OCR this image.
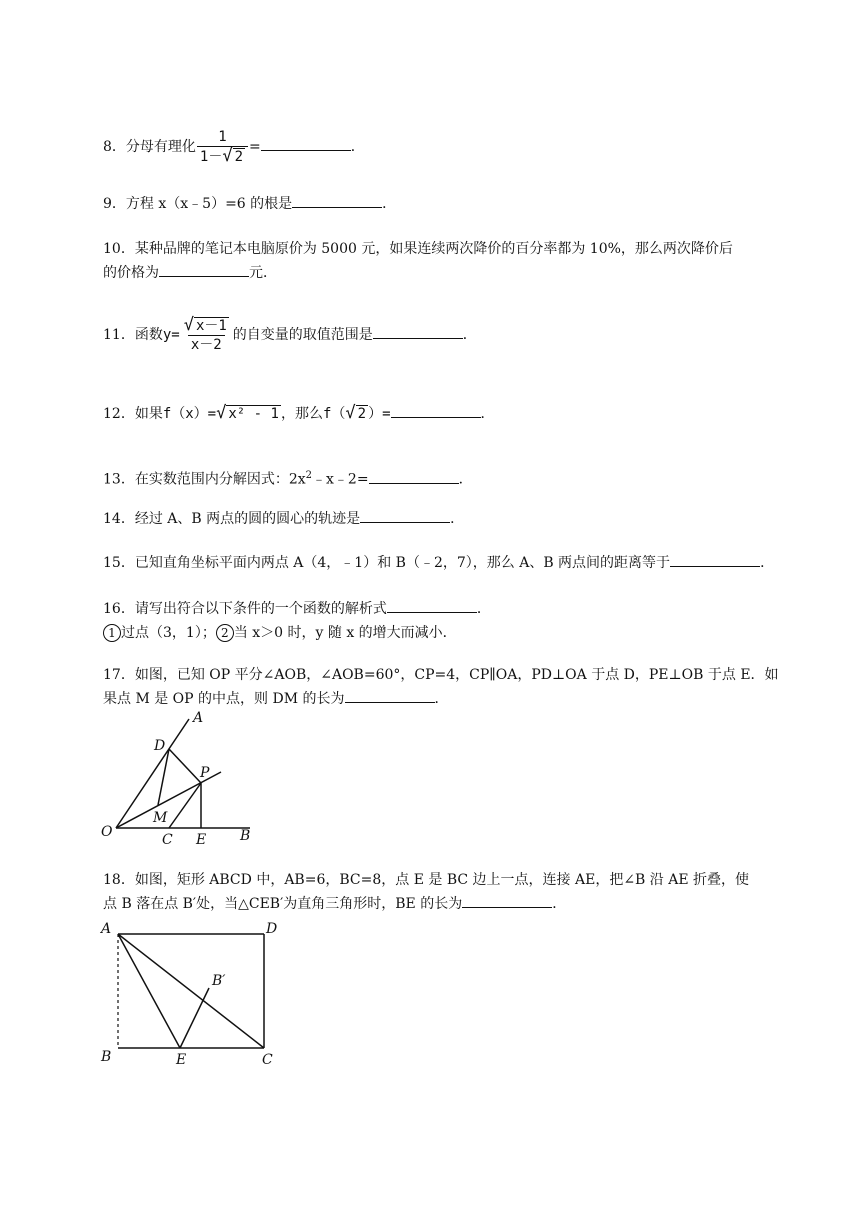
8．分母有理化 $\frac{1}{1- √ 2}$ =	．
9．方程 x（x﹣5）=6 的根是	．
10．某种品牌的笔记本电脑原价为 5000 元，如果连续两次降价的百分率都为 10%，那么两次降价后
的价格为	元．
11．函数$y= \frac{√ x-1}{x-2}$ 的自变量的取值范围是	．
12．如果f（x）= √ x² - 1 ，那么f（ √ 2 ）=	．
13．在实数范围内分解因式：$2x^2﹣x﹣2=$	．
14．经过 A、B 两点的圆的圆心的轨迹是	．
15．已知直角坐标平面内两点 A（4，﹣1）和 B（﹣2，7），那么 A、B 两点间的距离等于	．
16．请写出符合以下条件的一个函数的解析式	．
1 过点（3，1）； 2 当 x＞0 时，y 随 x 的增大而减小．
17．如图，已知 OP 平分∠AOB，∠AOB=60°，CP=4，CP∥OA，PD⊥OA 于点 D，PE⊥OB 于点 E．如
果点 M 是 OP 的中点，则 DM 的长为	．
A
D
P
M
O	C E B
18．如图，矩形 ABCD 中，AB=6，BC=8，点 E 是 BC 边上一点，连接 AE，把∠B 沿 AE 折叠，使
点 B 落在点 B′处，当△CEB′为直角三角形时，BE 的长为	．
A	D
B′
B	E	C
